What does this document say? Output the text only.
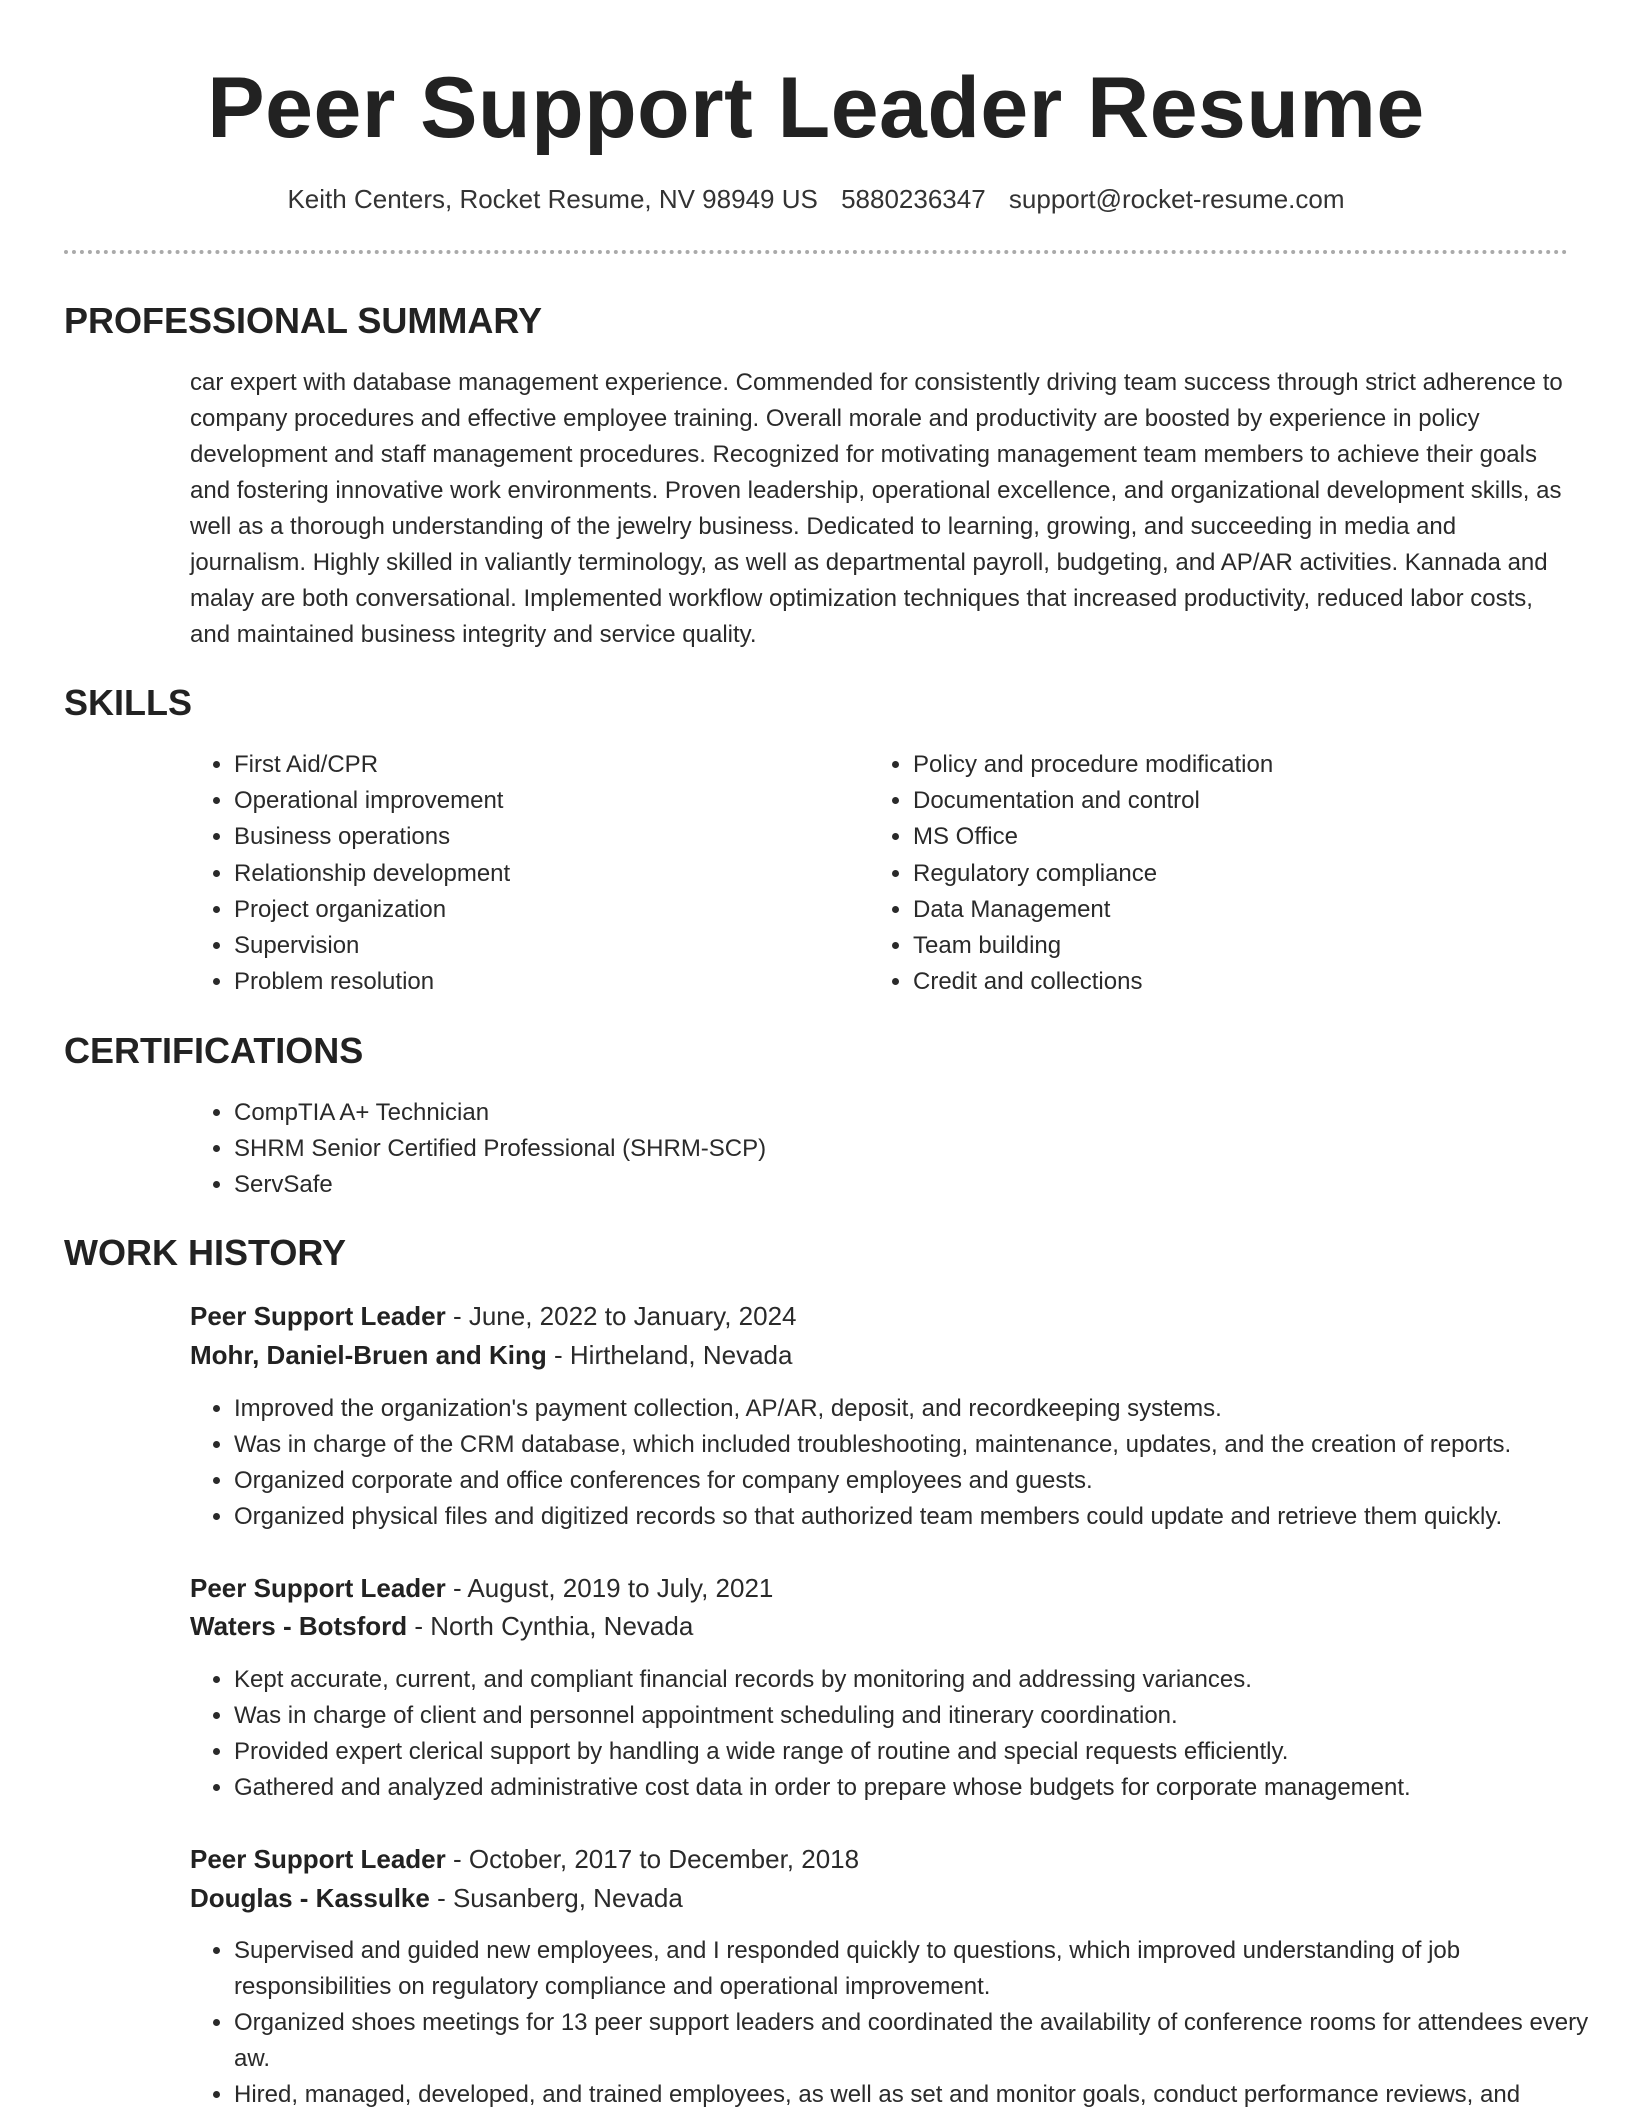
Peer Support Leader Resume
Keith Centers, Rocket Resume, NV 98949 US 5880236347 support@rocket-resume.com
PROFESSIONAL SUMMARY

car expert with database management experience. Commended for consistently driving team success through strict adherence to company procedures and effective employee training. Overall morale and productivity are boosted by experience in policy development and staff management procedures. Recognized for motivating management team members to achieve their goals and fostering innovative work environments. Proven leadership, operational excellence, and organizational development skills, as well as a thorough understanding of the jewelry business. Dedicated to learning, growing, and succeeding in media and journalism. Highly skilled in valiantly terminology, as well as departmental payroll, budgeting, and AP/AR activities. Kannada and malay are both conversational. Implemented workflow optimization techniques that increased productivity, reduced labor costs, and maintained business integrity and service quality.

SKILLS
• First Aid/CPR
• Operational improvement
• Business operations
• Relationship development
• Project organization
• Supervision
• Problem resolution
• Policy and procedure modification
• Documentation and control
• MS Office
• Regulatory compliance
• Data Management
• Team building
• Credit and collections
CERTIFICATIONS
• CompTIA A+ Technician
• SHRM Senior Certified Professional (SHRM-SCP)
• ServSafe
WORK HISTORY
Peer Support Leader - June, 2022 to January, 2024
Mohr, Daniel-Bruen and King - Hirtheland, Nevada
• Improved the organization's payment collection, AP/AR, deposit, and recordkeeping systems.
• Was in charge of the CRM database, which included troubleshooting, maintenance, updates, and the creation of reports.
• Organized corporate and office conferences for company employees and guests.
• Organized physical files and digitized records so that authorized team members could update and retrieve them quickly.
Peer Support Leader - August, 2019 to July, 2021
Waters - Botsford - North Cynthia, Nevada
• Kept accurate, current, and compliant financial records by monitoring and addressing variances.
• Was in charge of client and personnel appointment scheduling and itinerary coordination.
• Provided expert clerical support by handling a wide range of routine and special requests efficiently.
• Gathered and analyzed administrative cost data in order to prepare whose budgets for corporate management.
Peer Support Leader - October, 2017 to December, 2018
Douglas - Kassulke - Susanberg, Nevada
• Supervised and guided new employees, and I responded quickly to questions, which improved understanding of job responsibilities on regulatory compliance and operational improvement.
• Organized shoes meetings for 13 peer support leaders and coordinated the availability of conference rooms for attendees every aw.
• Hired, managed, developed, and trained employees, as well as set and monitor goals, conduct performance reviews, and
